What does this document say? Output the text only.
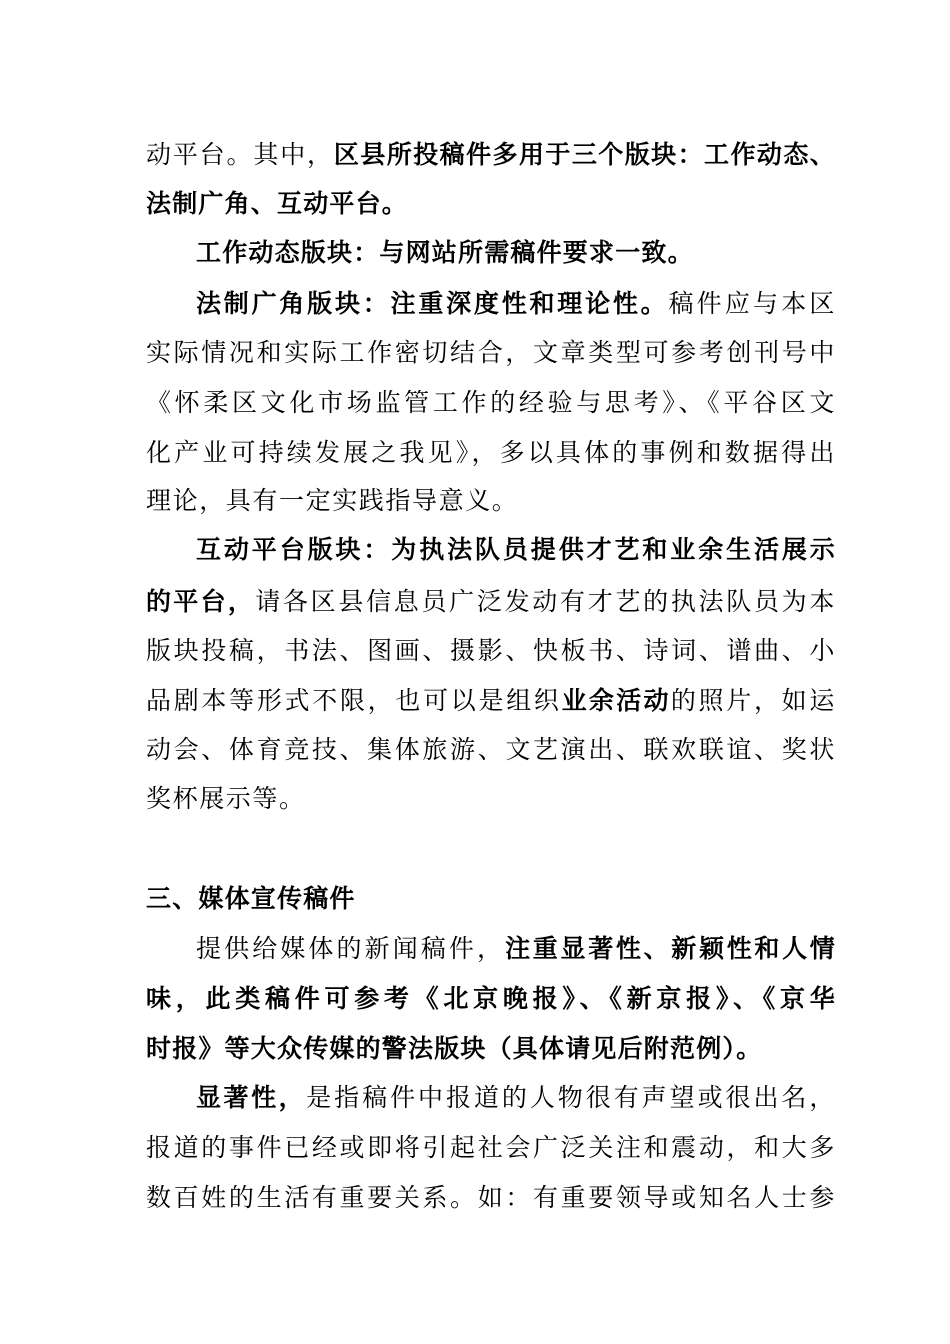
动平台。其中，区县所投稿件多用于三个版块：工作动态、
法制广角、互动平台。
工作动态版块：与网站所需稿件要求一致。
法制广角版块：注重深度性和理论性。稿件应与本区
实际情况和实际工作密切结合，文章类型可参考创刊号中
《怀柔区文化市场监管工作的经验与思考》、《平谷区文
化产业可持续发展之我见》，多以具体的事例和数据得出
理论，具有一定实践指导意义。
互动平台版块：为执法队员提供才艺和业余生活展示
的平台，请各区县信息员广泛发动有才艺的执法队员为本
版块投稿，书法、图画、摄影、快板书、诗词、谱曲、小
品剧本等形式不限，也可以是组织业余活动的照片，如运
动会、体育竞技、集体旅游、文艺演出、联欢联谊、奖状
奖杯展示等。
三、媒体宣传稿件
提供给媒体的新闻稿件，注重显著性、新颖性和人情
味，此类稿件可参考《北京晚报》、《新京报》、《京华
时报》等大众传媒的警法版块（具体请见后附范例）。
显著性，是指稿件中报道的人物很有声望或很出名，
报道的事件已经或即将引起社会广泛关注和震动，和大多
数百姓的生活有重要关系。如：有重要领导或知名人士参
